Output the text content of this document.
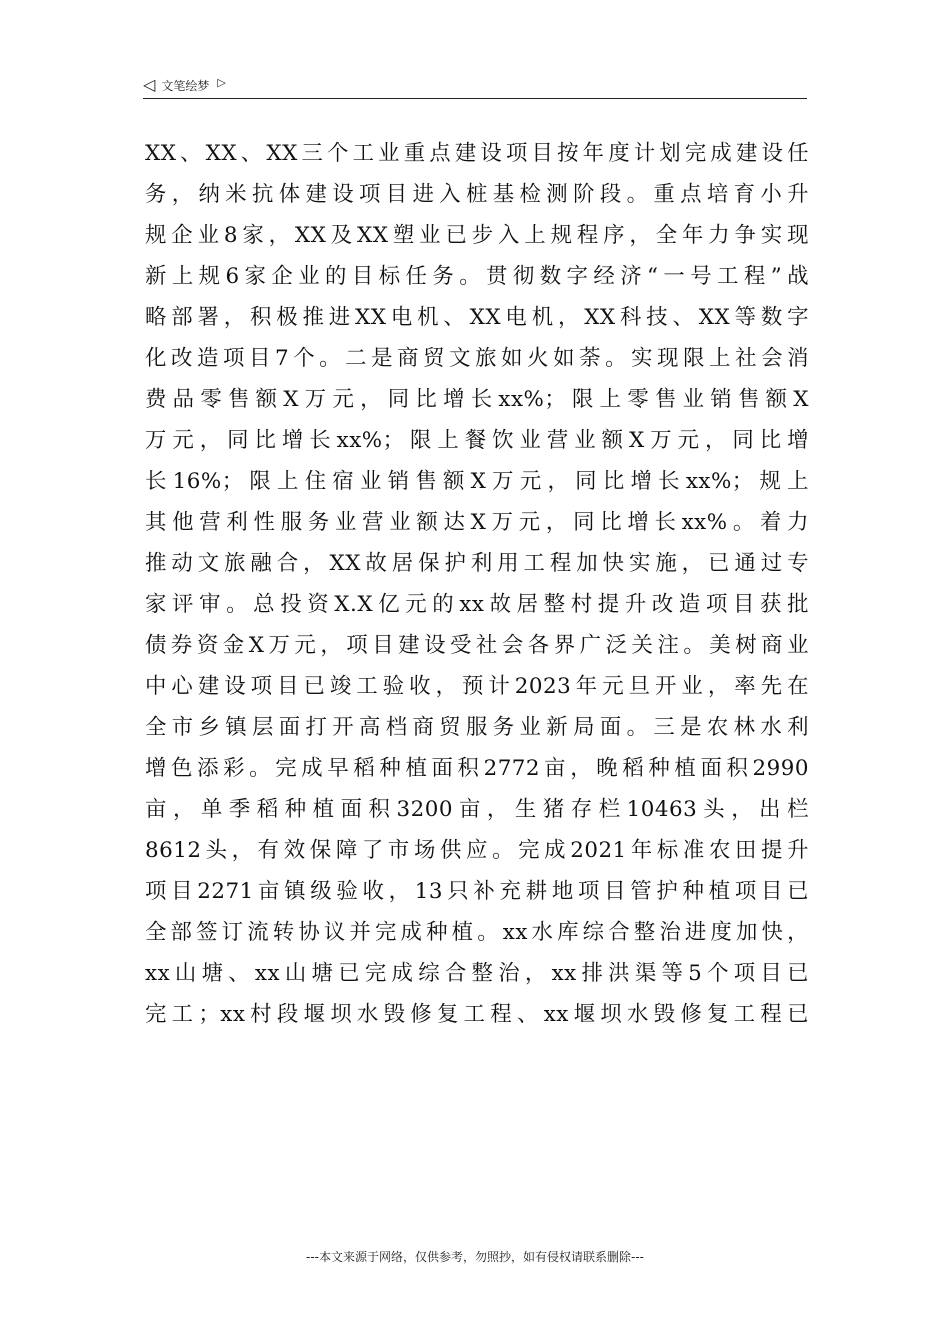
◁ 文笔绘梦 ▷
XX、XX、XX三个工业重点建设项目按年度计划完成建设任
务，纳米抗体建设项目进入桩基检测阶段。重点培育小升
规企业8家，XX及XX塑业已步入上规程序，全年力争实现
新上规6家企业的目标任务。贯彻数字经济“一号工程”战
略部署，积极推进XX电机、XX电机，XX科技、XX等数字
化改造项目7个。二是商贸文旅如火如荼。实现限上社会消
费品零售额X万元，同比增长xx%；限上零售业销售额X
万元，同比增长xx%；限上餐饮业营业额X万元，同比增
长16%；限上住宿业销售额X万元，同比增长xx%；规上
其他营利性服务业营业额达X万元，同比增长xx%。着力
推动文旅融合，XX故居保护利用工程加快实施，已通过专
家评审。总投资X.X亿元的xx故居整村提升改造项目获批
债券资金X万元，项目建设受社会各界广泛关注。美树商业
中心建设项目已竣工验收，预计2023年元旦开业，率先在
全市乡镇层面打开高档商贸服务业新局面。三是农林水利
增色添彩。完成早稻种植面积2772亩，晚稻种植面积2990
亩，单季稻种植面积3200亩，生猪存栏10463头，出栏
8612头，有效保障了市场供应。完成2021年标准农田提升
项目2271亩镇级验收，13只补充耕地项目管护种植项目已
全部签订流转协议并完成种植。xx水库综合整治进度加快，
xx山塘、xx山塘已完成综合整治，xx排洪渠等5个项目已
完工；xx村段堰坝水毁修复工程、xx堰坝水毁修复工程已
---本文来源于网络，仅供参考，勿照抄，如有侵权请联系删除---
